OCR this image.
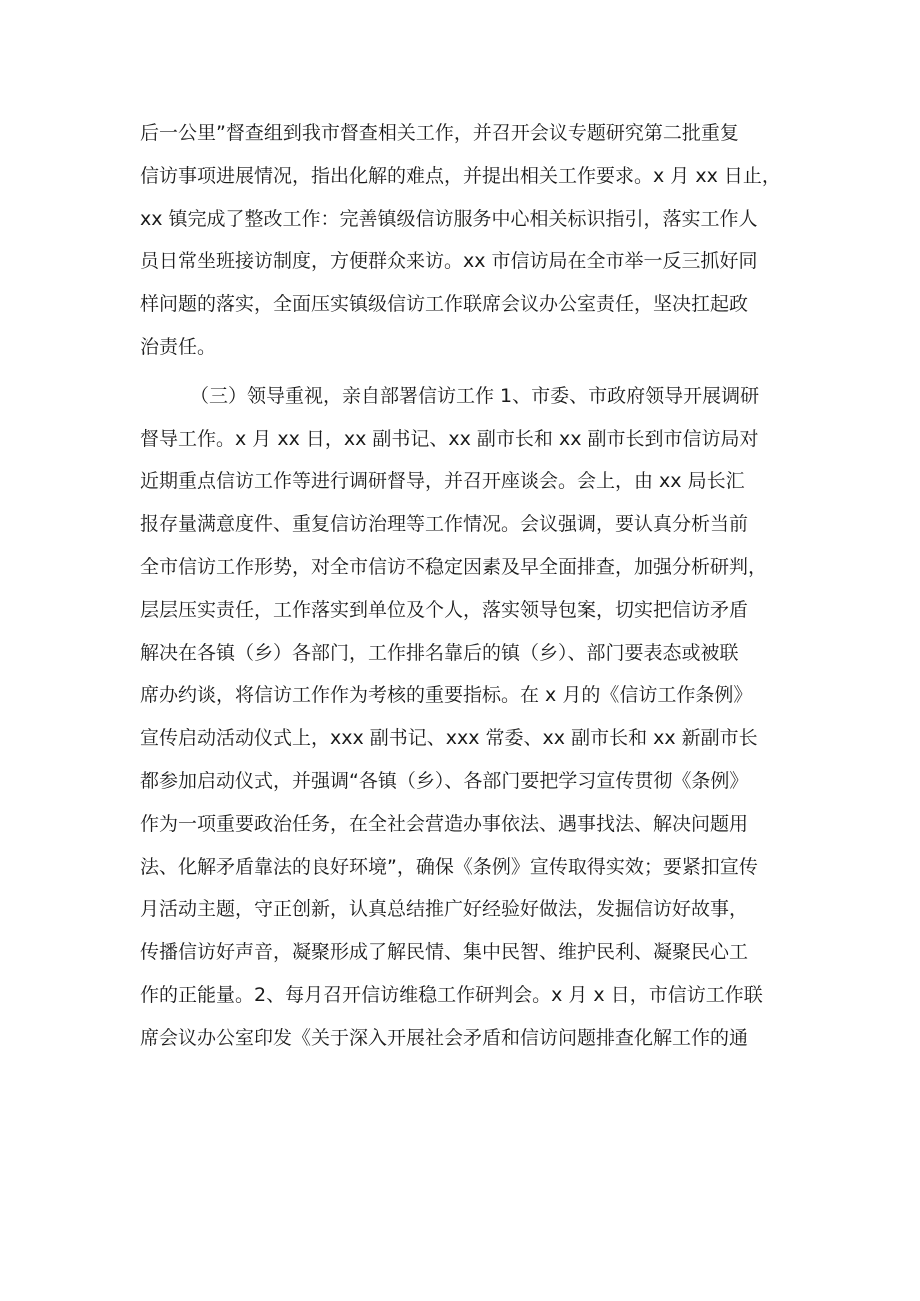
后一公里”督查组到我市督查相关工作，并召开会议专题研究第二批重复
信访事项进展情况，指出化解的难点，并提出相关工作要求。x 月 xx 日止，
xx 镇完成了整改工作：完善镇级信访服务中心相关标识指引，落实工作人
员日常坐班接访制度，方便群众来访。xx 市信访局在全市举一反三抓好同
样问题的落实，全面压实镇级信访工作联席会议办公室责任，坚决扛起政
治责任。
（三）领导重视，亲自部署信访工作 1、市委、市政府领导开展调研
督导工作。x 月 xx 日，xx 副书记、xx 副市长和 xx 副市长到市信访局对
近期重点信访工作等进行调研督导，并召开座谈会。会上，由 xx 局长汇
报存量满意度件、重复信访治理等工作情况。会议强调，要认真分析当前
全市信访工作形势，对全市信访不稳定因素及早全面排查，加强分析研判，
层层压实责任，工作落实到单位及个人，落实领导包案，切实把信访矛盾
解决在各镇（乡）各部门，工作排名靠后的镇（乡）、部门要表态或被联
席办约谈，将信访工作作为考核的重要指标。在 x 月的《信访工作条例》
宣传启动活动仪式上，xxx 副书记、xxx 常委、xx 副市长和 xx 新副市长
都参加启动仪式，并强调“各镇（乡）、各部门要把学习宣传贯彻《条例》
作为一项重要政治任务，在全社会营造办事依法、遇事找法、解决问题用
法、化解矛盾靠法的良好环境”，确保《条例》宣传取得实效；要紧扣宣传
月活动主题，守正创新，认真总结推广好经验好做法，发掘信访好故事，
传播信访好声音，凝聚形成了解民情、集中民智、维护民利、凝聚民心工
作的正能量。2、每月召开信访维稳工作研判会。x 月 x 日，市信访工作联
席会议办公室印发《关于深入开展社会矛盾和信访问题排查化解工作的通
